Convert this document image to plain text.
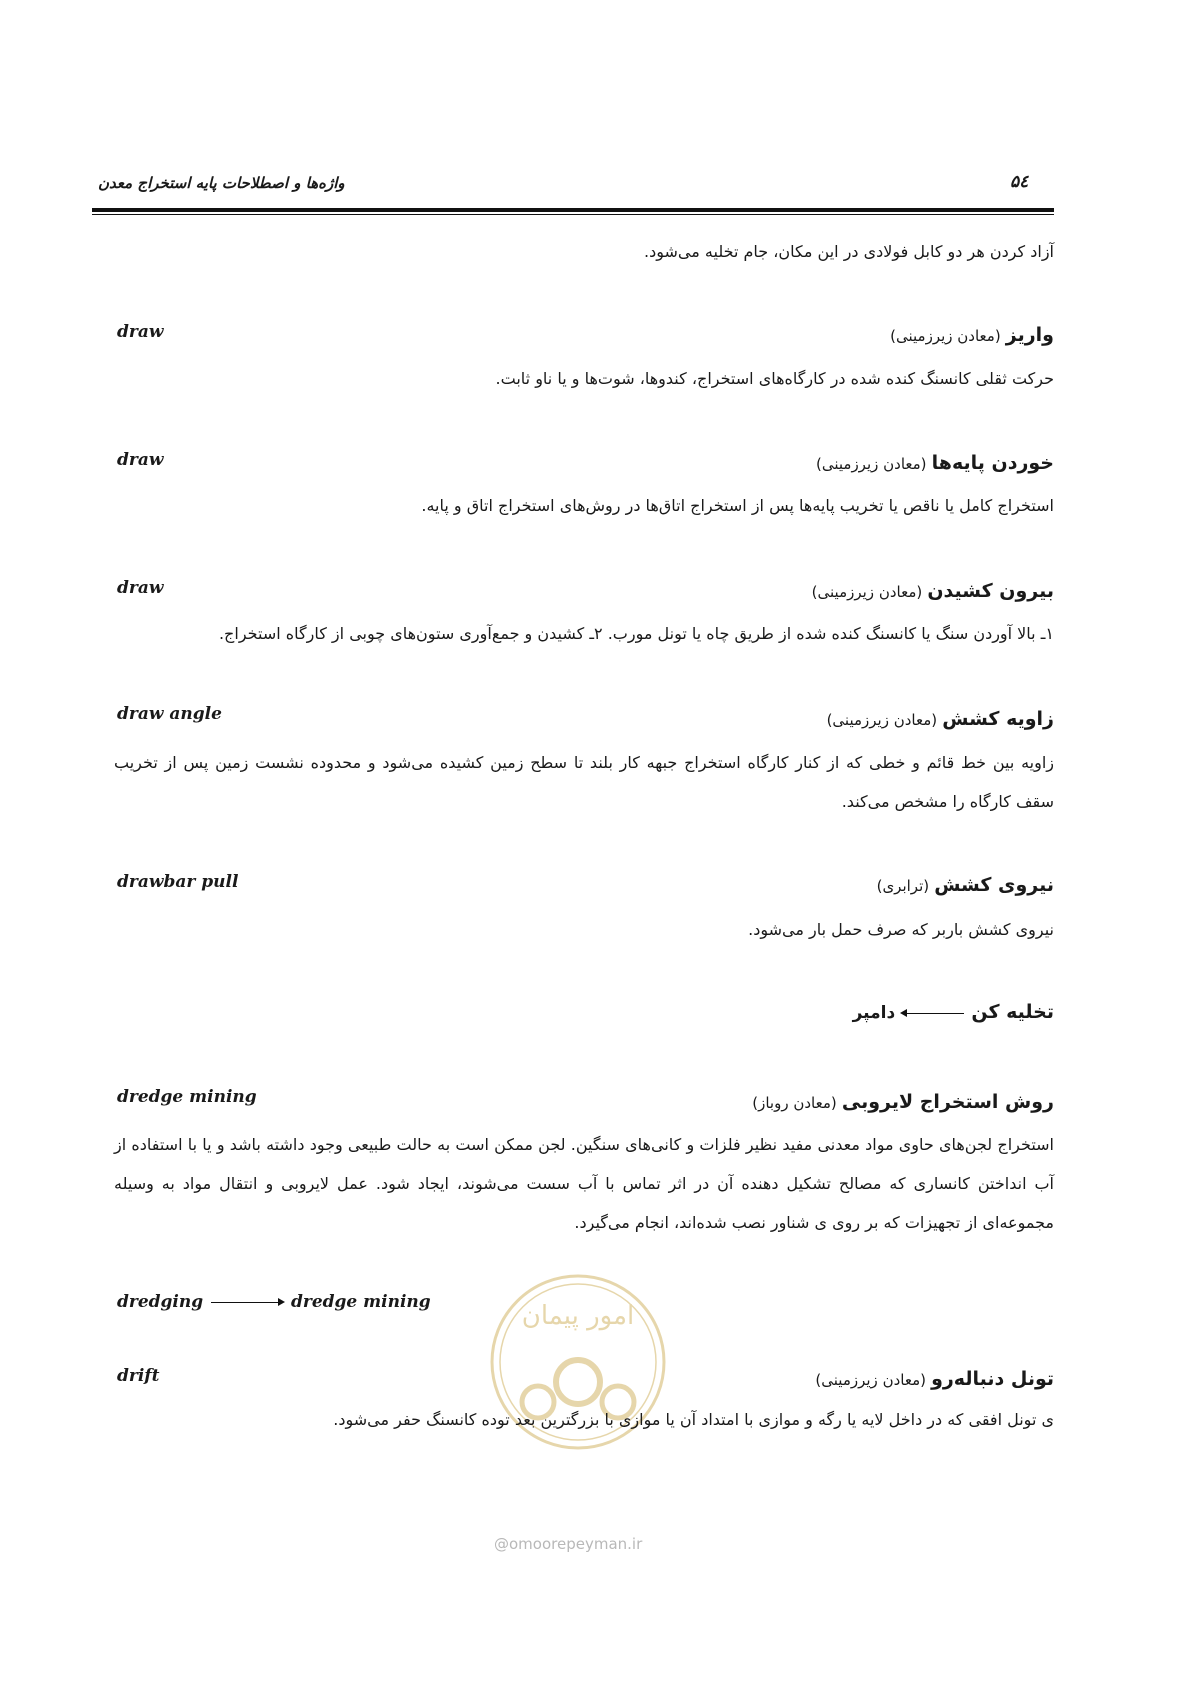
واژه‌ها و اصطلاحات پایه استخراج معدن	۵٤
آزاد کردن هر دو کابل فولادی در این مکان، جام تخلیه می‌شود.
draw	واریز (معادن زیرزمینی)
حرکت ثقلی کانسنگ کنده شده در کارگاه‌های استخراج، کندوها، شوت‌ها و یا ناو ثابت.
draw	خوردن پایه‌ها (معادن زیرزمینی)
استخراج کامل یا ناقص یا تخریب پایه‌ها پس از استخراج اتاق‌ها در روش‌های استخراج اتاق و پایه.
draw	بیرون کشیدن (معادن زیرزمینی)
۱ـ بالا آوردن سنگ یا کانسنگ کنده شده از طریق چاه یا تونل مورب. ۲ـ کشیدن و جمع‌آوری ستون‌های چوبی از کارگاه استخراج.
draw angle	زاویه کشش (معادن زیرزمینی)
زاویه بین خط قائم و خطی که از کنار کارگاه استخراج جبهه کار بلند تا سطح زمین کشیده می‌شود و محدوده نشست زمین پس از تخریب سقف کارگاه را مشخص می‌کند.
drawbar pull	نیروی کشش (ترابری)
نیروی کشش باربر که صرف حمل بار می‌شود.
تخلیه کن  دامپر
dredge mining	روش استخراج لایروبی (معادن روباز)
استخراج لجن‌های حاوی مواد معدنی مفید نظیر فلزات و کانی‌های سنگین. لجن ممکن است به حالت طبیعی وجود داشته باشد و یا با استفاده از آب انداختن کانساری که مصالح تشکیل دهنده آن در اثر تماس با آب سست می‌شوند، ایجاد شود. عمل لایروبی و انتقال مواد به وسیله مجموعه‌ای از تجهیزات که بر روی ی شناور نصب شده‌اند، انجام می‌گیرد.
dredging	dredge mining	امور پیمان
drift	تونل دنباله‌رو (معادن زیرزمینی)
ی تونل افقی که در داخل لایه یا رگه و موازی با امتداد آن یا موازی با بزرگترین بعد توده کانسنگ حفر می‌شود.
@omoorepeyman.ir
